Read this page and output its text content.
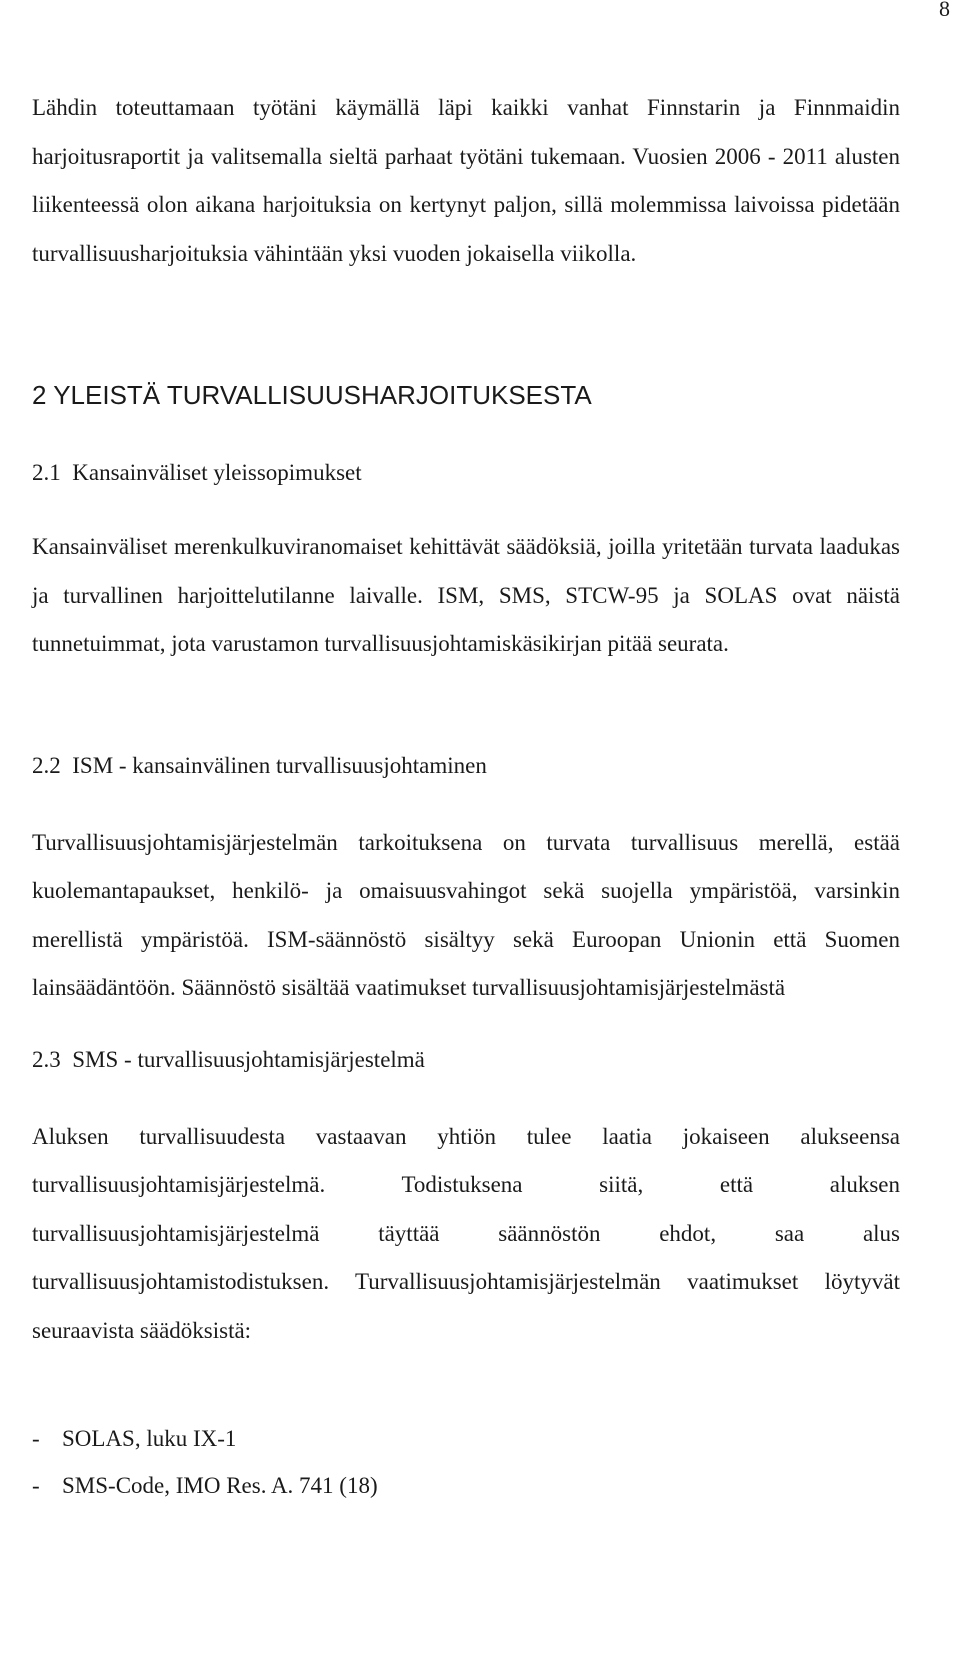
8

Lähdin toteuttamaan työtäni käymällä läpi kaikki vanhat Finnstarin ja Finnmaidin harjoitusraportit ja valitsemalla sieltä parhaat työtäni tukemaan. Vuosien 2006 - 2011 alusten liikenteessä olon aikana harjoituksia on kertynyt paljon, sillä molemmissa laivoissa pidetään turvallisuusharjoituksia vähintään yksi vuoden jokaisella viikolla.

2 YLEISTÄ TURVALLISUUSHARJOITUKSESTA
2.1  Kansainväliset yleissopimukset

Kansainväliset merenkulkuviranomaiset kehittävät säädöksiä, joilla yritetään turvata laadukas ja turvallinen harjoittelutilanne laivalle. ISM, SMS, STCW-95 ja SOLAS ovat näistä tunnetuimmat, jota varustamon turvallisuusjohtamiskäsikirjan pitää seurata.

2.2  ISM - kansainvälinen turvallisuusjohtaminen

Turvallisuusjohtamisjärjestelmän tarkoituksena on turvata turvallisuus merellä, estää kuolemantapaukset, henkilö- ja omaisuusvahingot sekä suojella ympäristöä, varsinkin merellistä ympäristöä. ISM-säännöstö sisältyy sekä Euroopan Unionin että Suomen lainsäädäntöön. Säännöstö sisältää vaatimukset turvallisuusjohtamisjärjestelmästä

2.3  SMS - turvallisuusjohtamisjärjestelmä

Aluksen turvallisuudesta vastaavan yhtiön tulee laatia jokaiseen alukseensa turvallisuusjohtamisjärjestelmä. Todistuksena siitä, että aluksen turvallisuusjohtamisjärjestelmä täyttää säännöstön ehdot, saa alus turvallisuusjohtamistodistuksen. Turvallisuusjohtamisjärjestelmän vaatimukset löytyvät seuraavista säädöksistä:

- SOLAS, luku IX-1
- SMS-Code, IMO Res. A. 741 (18)
